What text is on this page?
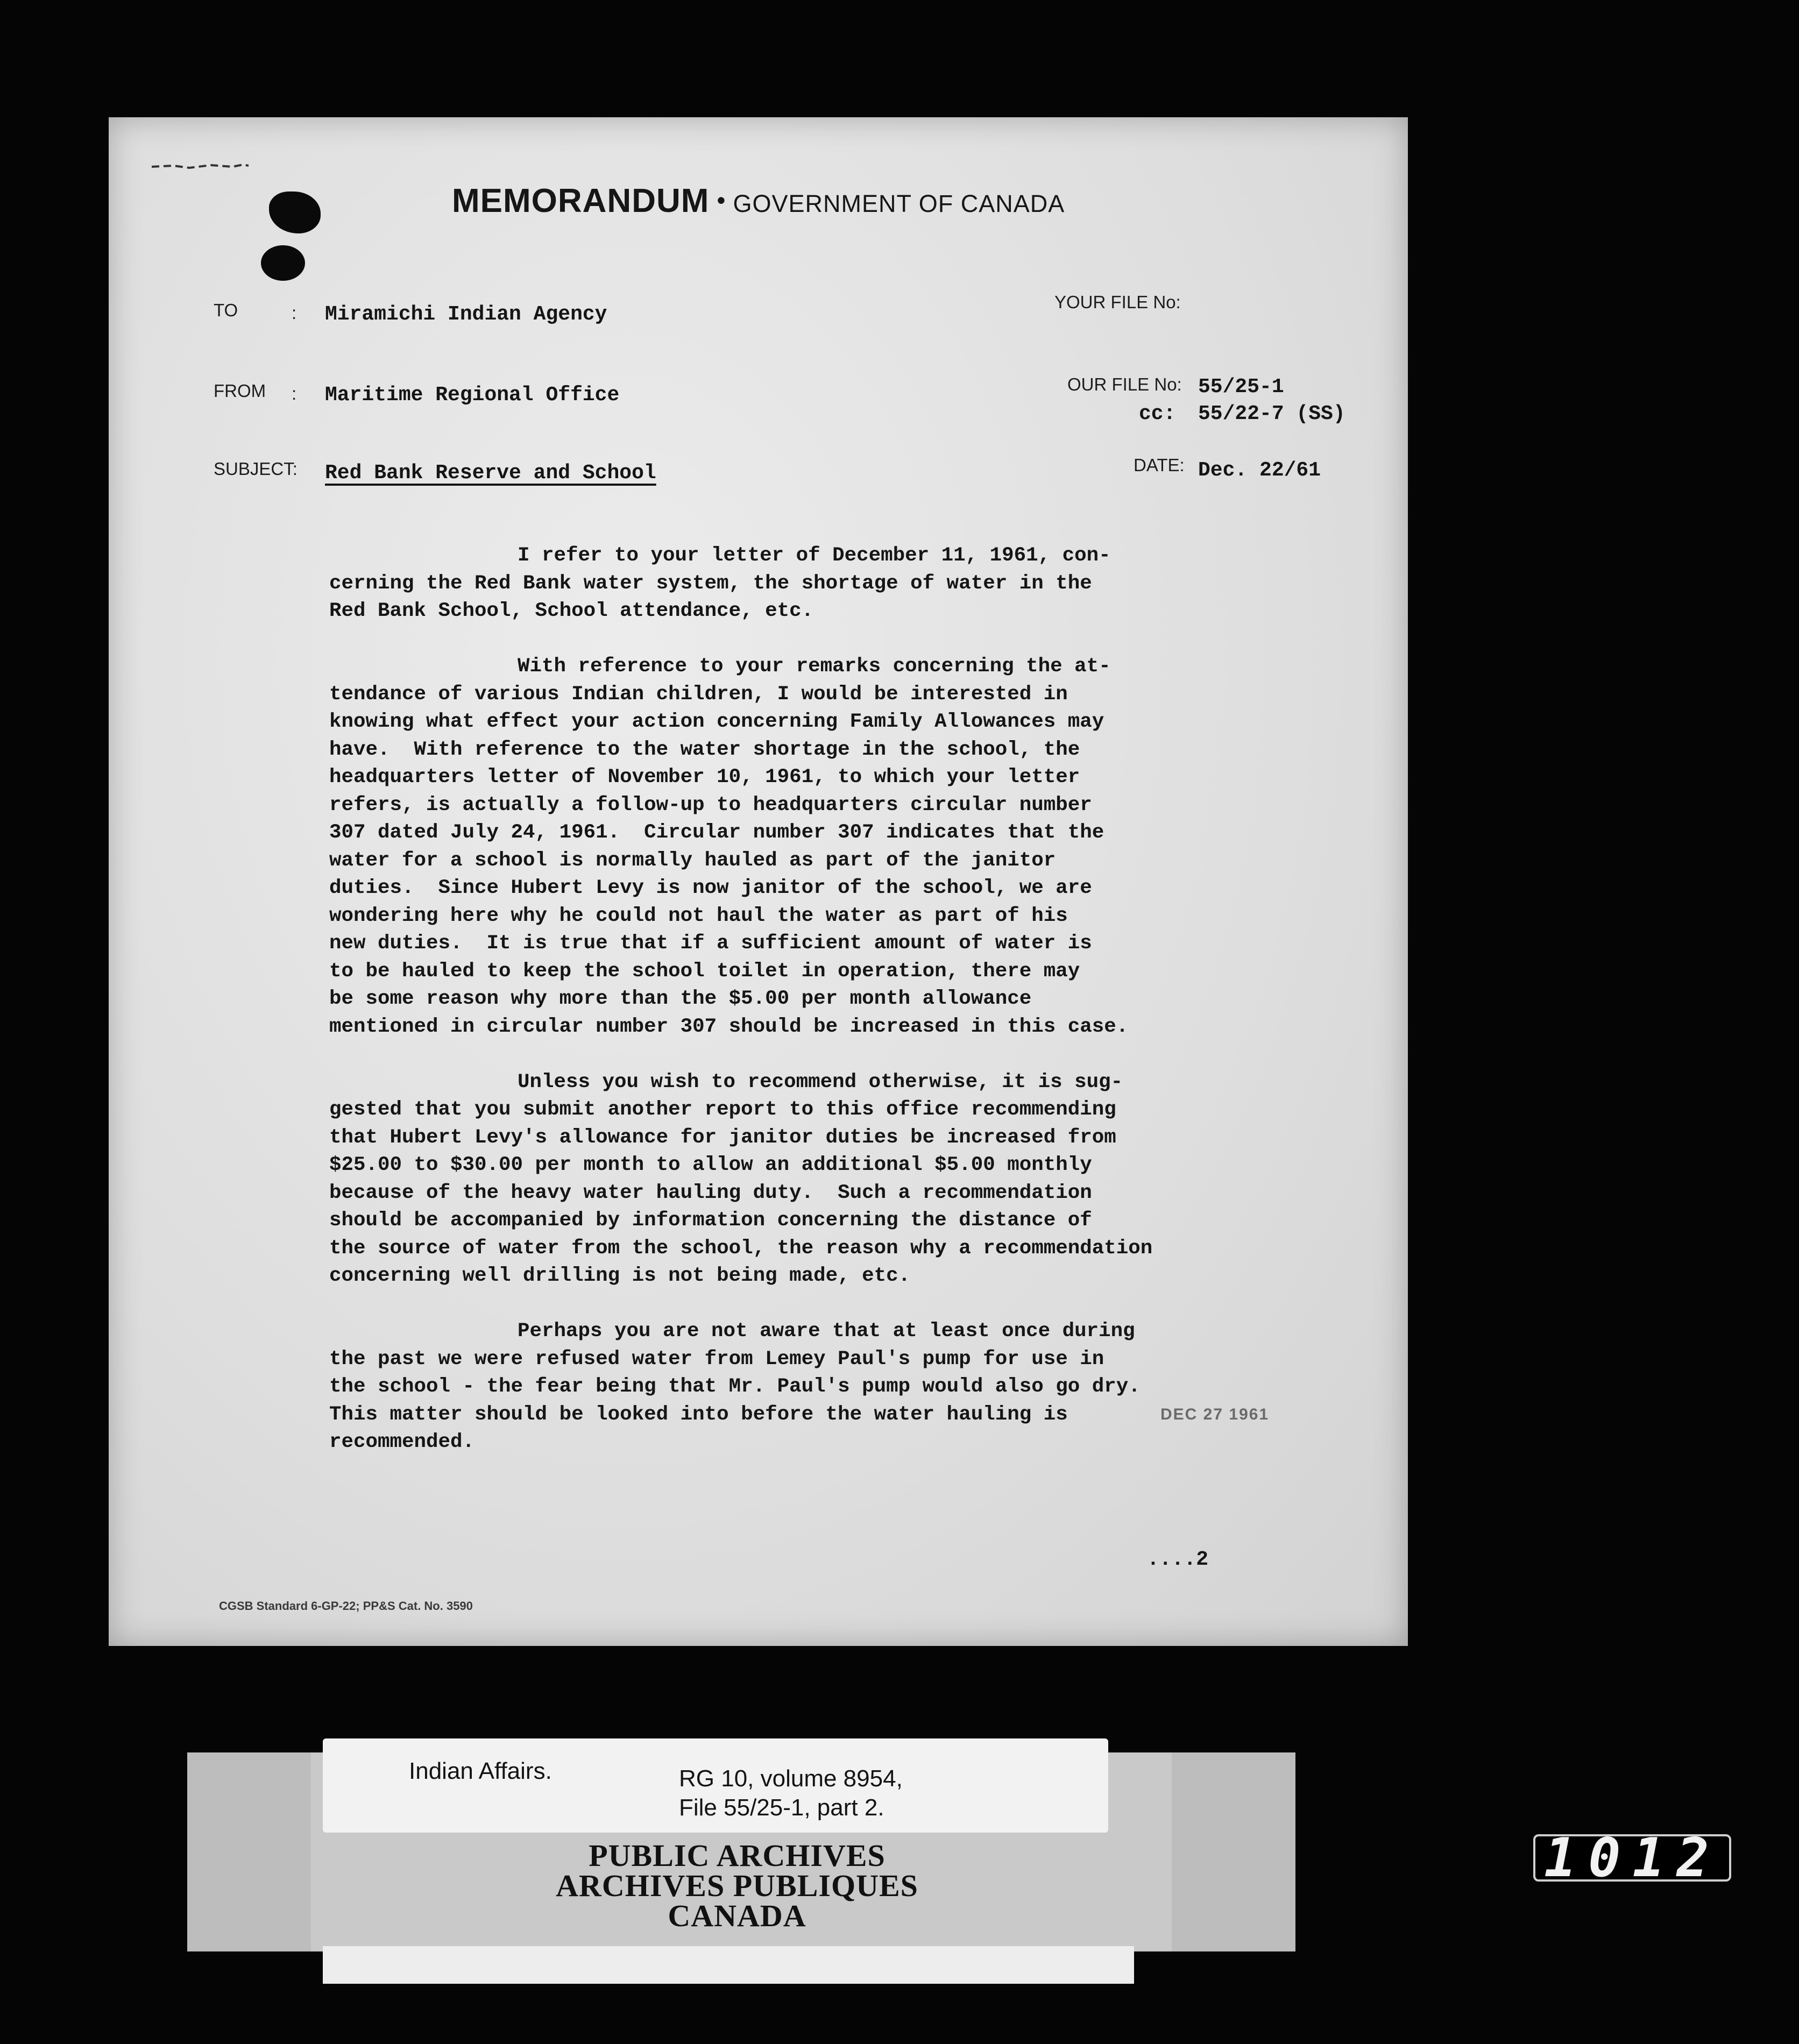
MEMORANDUM • GOVERNMENT OF CANADA
TO	: Miramichi Indian Agency
FROM : Maritime Regional Office
SUBJECT: Red Bank Reserve and School
YOUR FILE No:
OUR FILE No: 55/25-1
cc: 55/22-7 (SS)
DATE: Dec. 22/61
I refer to your letter of December 11, 1961, con-
cerning the Red Bank water system, the shortage of water in the
Red Bank School, School attendance, etc.
With reference to your remarks concerning the at-
tendance of various Indian children, I would be interested in
knowing what effect your action concerning Family Allowances may
have.  With reference to the water shortage in the school, the
headquarters letter of November 10, 1961, to which your letter
refers, is actually a follow-up to headquarters circular number
307 dated July 24, 1961.  Circular number 307 indicates that the
water for a school is normally hauled as part of the janitor
duties.  Since Hubert Levy is now janitor of the school, we are
wondering here why he could not haul the water as part of his
new duties.  It is true that if a sufficient amount of water is
to be hauled to keep the school toilet in operation, there may
be some reason why more than the $5.00 per month allowance
mentioned in circular number 307 should be increased in this case.
Unless you wish to recommend otherwise, it is sug-
gested that you submit another report to this office recommending
that Hubert Levy's allowance for janitor duties be increased from
$25.00 to $30.00 per month to allow an additional $5.00 monthly
because of the heavy water hauling duty.  Such a recommendation
should be accompanied by information concerning the distance of
the source of water from the school, the reason why a recommendation
concerning well drilling is not being made, etc.
Perhaps you are not aware that at least once during
the past we were refused water from Lemey Paul's pump for use in
the school - the fear being that Mr. Paul's pump would also go dry.
This matter should be looked into before the water hauling is
recommended.
DEC 27 1961
....2
CGSB Standard 6-GP-22; PP&S Cat. No. 3590
Indian Affairs.	RG 10, volume 8954,
File 55/25-1, part 2.
PUBLIC ARCHIVES
ARCHIVES PUBLIQUES
CANADA
1012
